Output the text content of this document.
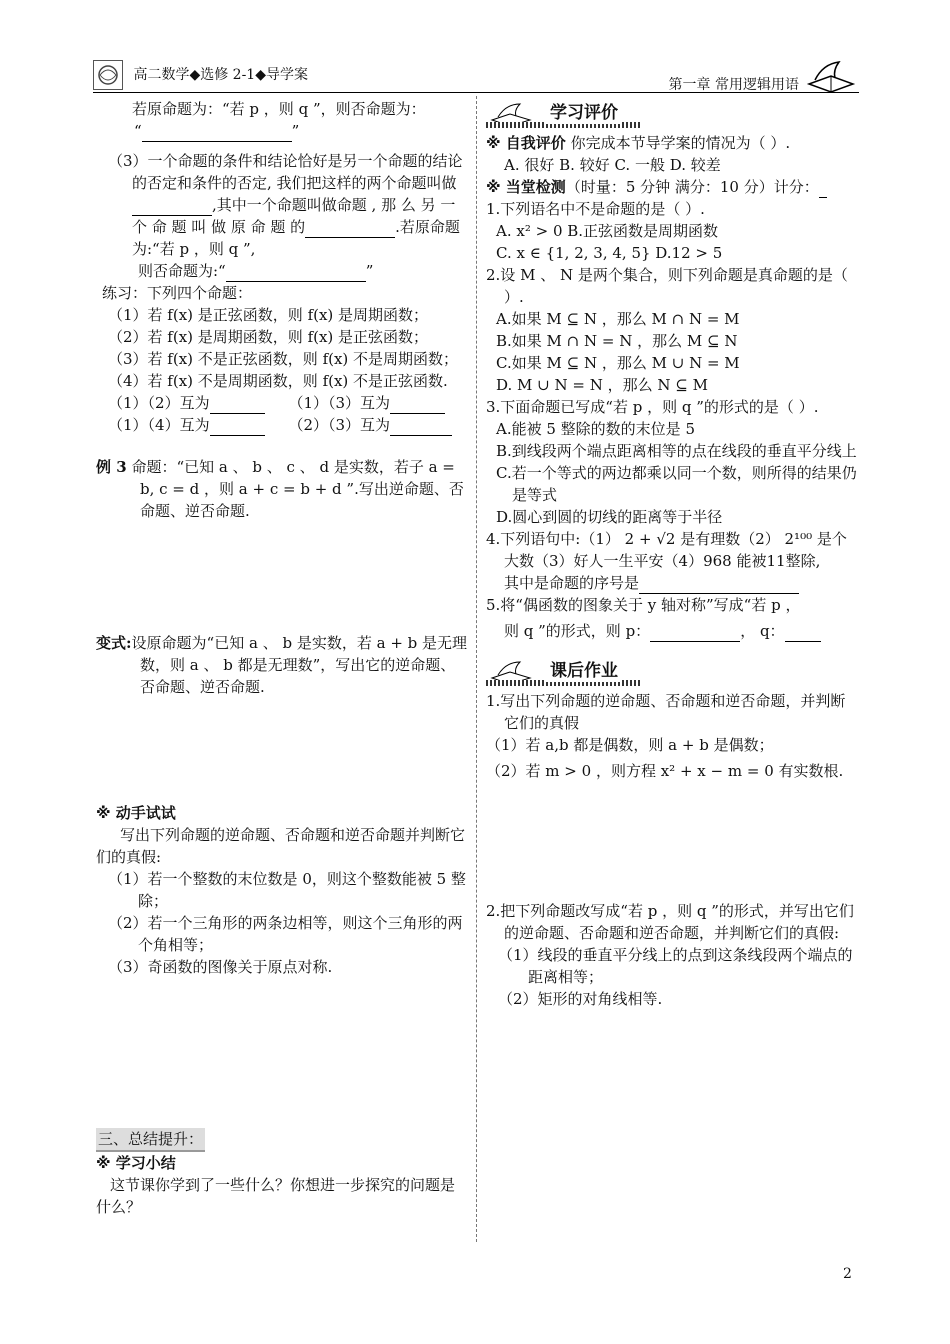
高二数学◆选修 2-1◆导学案
第一章 常用逻辑用语

若原命题为：“若 p ，则 q ”，则否命题为：

“	”

（3）一个命题的条件和结论恰好是另一个命题的结论的否定和条件的否定, 我们把这样的两个命题叫做,其中一个命题叫做命题 , 那 么 另 一 个 命 题 叫 做 原 命 题 的	.若原命题为:“若 p ，则 q ”,

则否命题为:“	”

练习：下列四个命题：

（1）若 f(x) 是正弦函数，则 f(x) 是周期函数；

（2）若 f(x) 是周期函数，则 f(x) 是正弦函数；

（3）若 f(x) 不是正弦函数，则 f(x) 不是周期函数；

（4）若 f(x) 不是周期函数，则 f(x) 不是正弦函数.

（1）（2）互为	（1）（3）互为

（1）（4）互为	（2）（3）互为

例 3 命题：“已知 a 、 b 、 c 、 d 是实数，若子 a = b, c = d ，则 a + c = b + d ”.写出逆命题、否命题、逆否命题.

变式:设原命题为“已知 a 、 b 是实数，若 a + b 是无理数，则 a 、 b 都是无理数”，写出它的逆命题、否命题、逆否命题.

※ 动手试试

写出下列命题的逆命题、否命题和逆否命题并判断它们的真假:

（1）若一个整数的末位数是 0，则这个整数能被 5 整除；

（2）若一个三角形的两条边相等，则这个三角形的两个角相等；

（3）奇函数的图像关于原点对称.

三、总结提升：

※ 学习小结

这节课你学到了一些什么？你想进一步探究的问题是什么？

学习评价

※ 自我评价 你完成本节导学案的情况为（ ）.

A. 很好 B. 较好 C. 一般 D. 较差

※ 当堂检测（时量：5 分钟 满分：10 分）计分：

1.下列语名中不是命题的是（ ）.

A. x² > 0 B.正弦函数是周期函数

C. x ∈ {1, 2, 3, 4, 5} D.12 > 5

2.设 M 、 N 是两个集合，则下列命题是真命题的是（ ）.

A.如果 M ⊆ N ，那么 M ∩ N = M

B.如果 M ∩ N = N ，那么 M ⊆ N

C.如果 M ⊆ N ，那么 M ∪ N = M

D. M ∪ N = N ，那么 N ⊆ M

3.下面命题已写成“若 p ，则 q ”的形式的是（ ）.

A.能被 5 整除的数的末位是 5

B.到线段两个端点距离相等的点在线段的垂直平分线上

C.若一个等式的两边都乘以同一个数，则所得的结果仍是等式

D.圆心到圆的切线的距离等于半径

4.下列语句中:（1） 2 + √2 是有理数（2） 2¹⁰⁰ 是个大数（3）好人一生平安（4）968 能被11整除,

其中是命题的序号是

5.将“偶函数的图象关于 y 轴对称”写成“若 p ，

则 q ”的形式，则 p：	， q：

课后作业

1.写出下列命题的逆命题、否命题和逆否命题，并判断它们的真假

（1）若 a,b 都是偶数，则 a + b 是偶数；

（2）若 m > 0 ，则方程 x² + x − m = 0 有实数根.

2.把下列命题改写成“若 p ，则 q ”的形式，并写出它们的逆命题、否命题和逆否命题，并判断它们的真假:

（1）线段的垂直平分线上的点到这条线段两个端点的距离相等；

（2）矩形的对角线相等.

2
